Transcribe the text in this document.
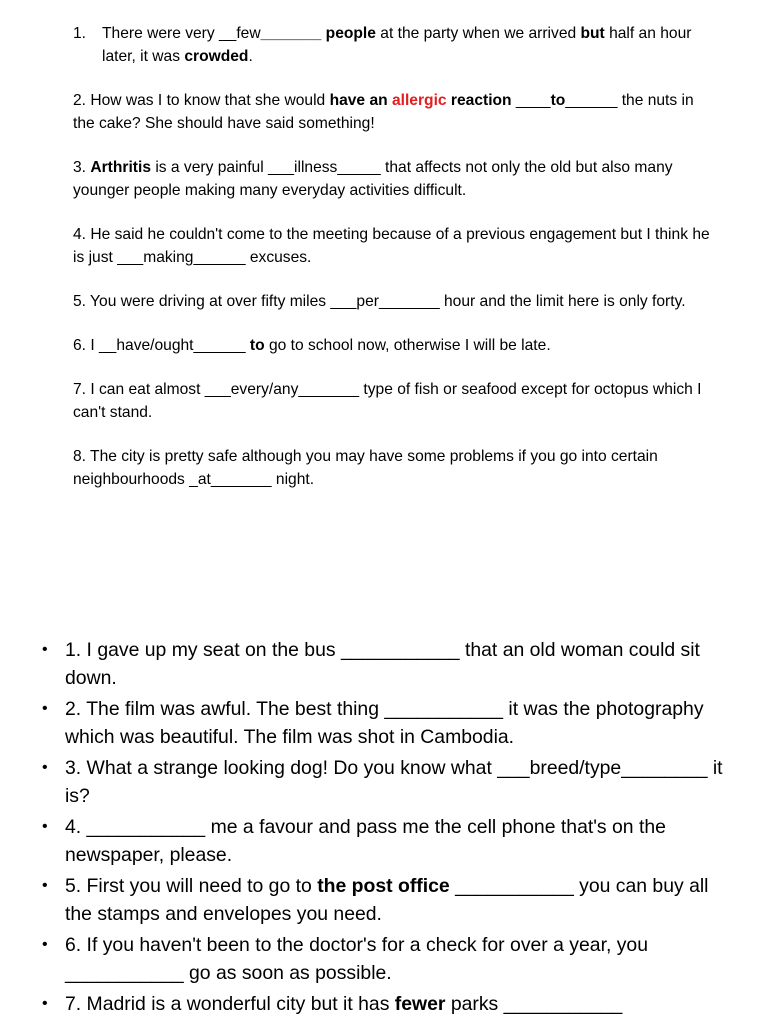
1.	There were very __few_______ people at the party when we arrived but half an hour later, it was crowded.
2. How was I to know that she would have an allergic reaction ____to______ the nuts in the cake? She should have said something!
3. Arthritis is a very painful ___illness_____ that affects not only the old but also many younger people making many everyday activities difficult.
4. He said he couldn't come to the meeting because of a previous engagement but I think he is just ___making______ excuses.
5. You were driving at over fifty miles ___per_______ hour and the limit here is only forty.
6. I __have/ought______ to go to school now, otherwise I will be late.
7. I can eat almost ___every/any_______ type of fish or seafood except for octopus which I can't stand.
8. The city is pretty safe although you may have some problems if you go into certain neighbourhoods _at_______ night.
• 1. I gave up my seat on the bus ___________ that an old woman could sit down.
• 2. The film was awful. The best thing ___________ it was the photography which was beautiful. The film was shot in Cambodia.
• 3. What a strange looking dog! Do you know what ___breed/type________ it is?
• 4. ___________ me a favour and pass me the cell phone that's on the newspaper, please.
• 5. First you will need to go to the post office ___________ you can buy all the stamps and envelopes you need.
• 6. If you haven't been to the doctor's for a check for over a year, you ___________ go as soon as possible.
• 7. Madrid is a wonderful city but it has fewer parks ___________
